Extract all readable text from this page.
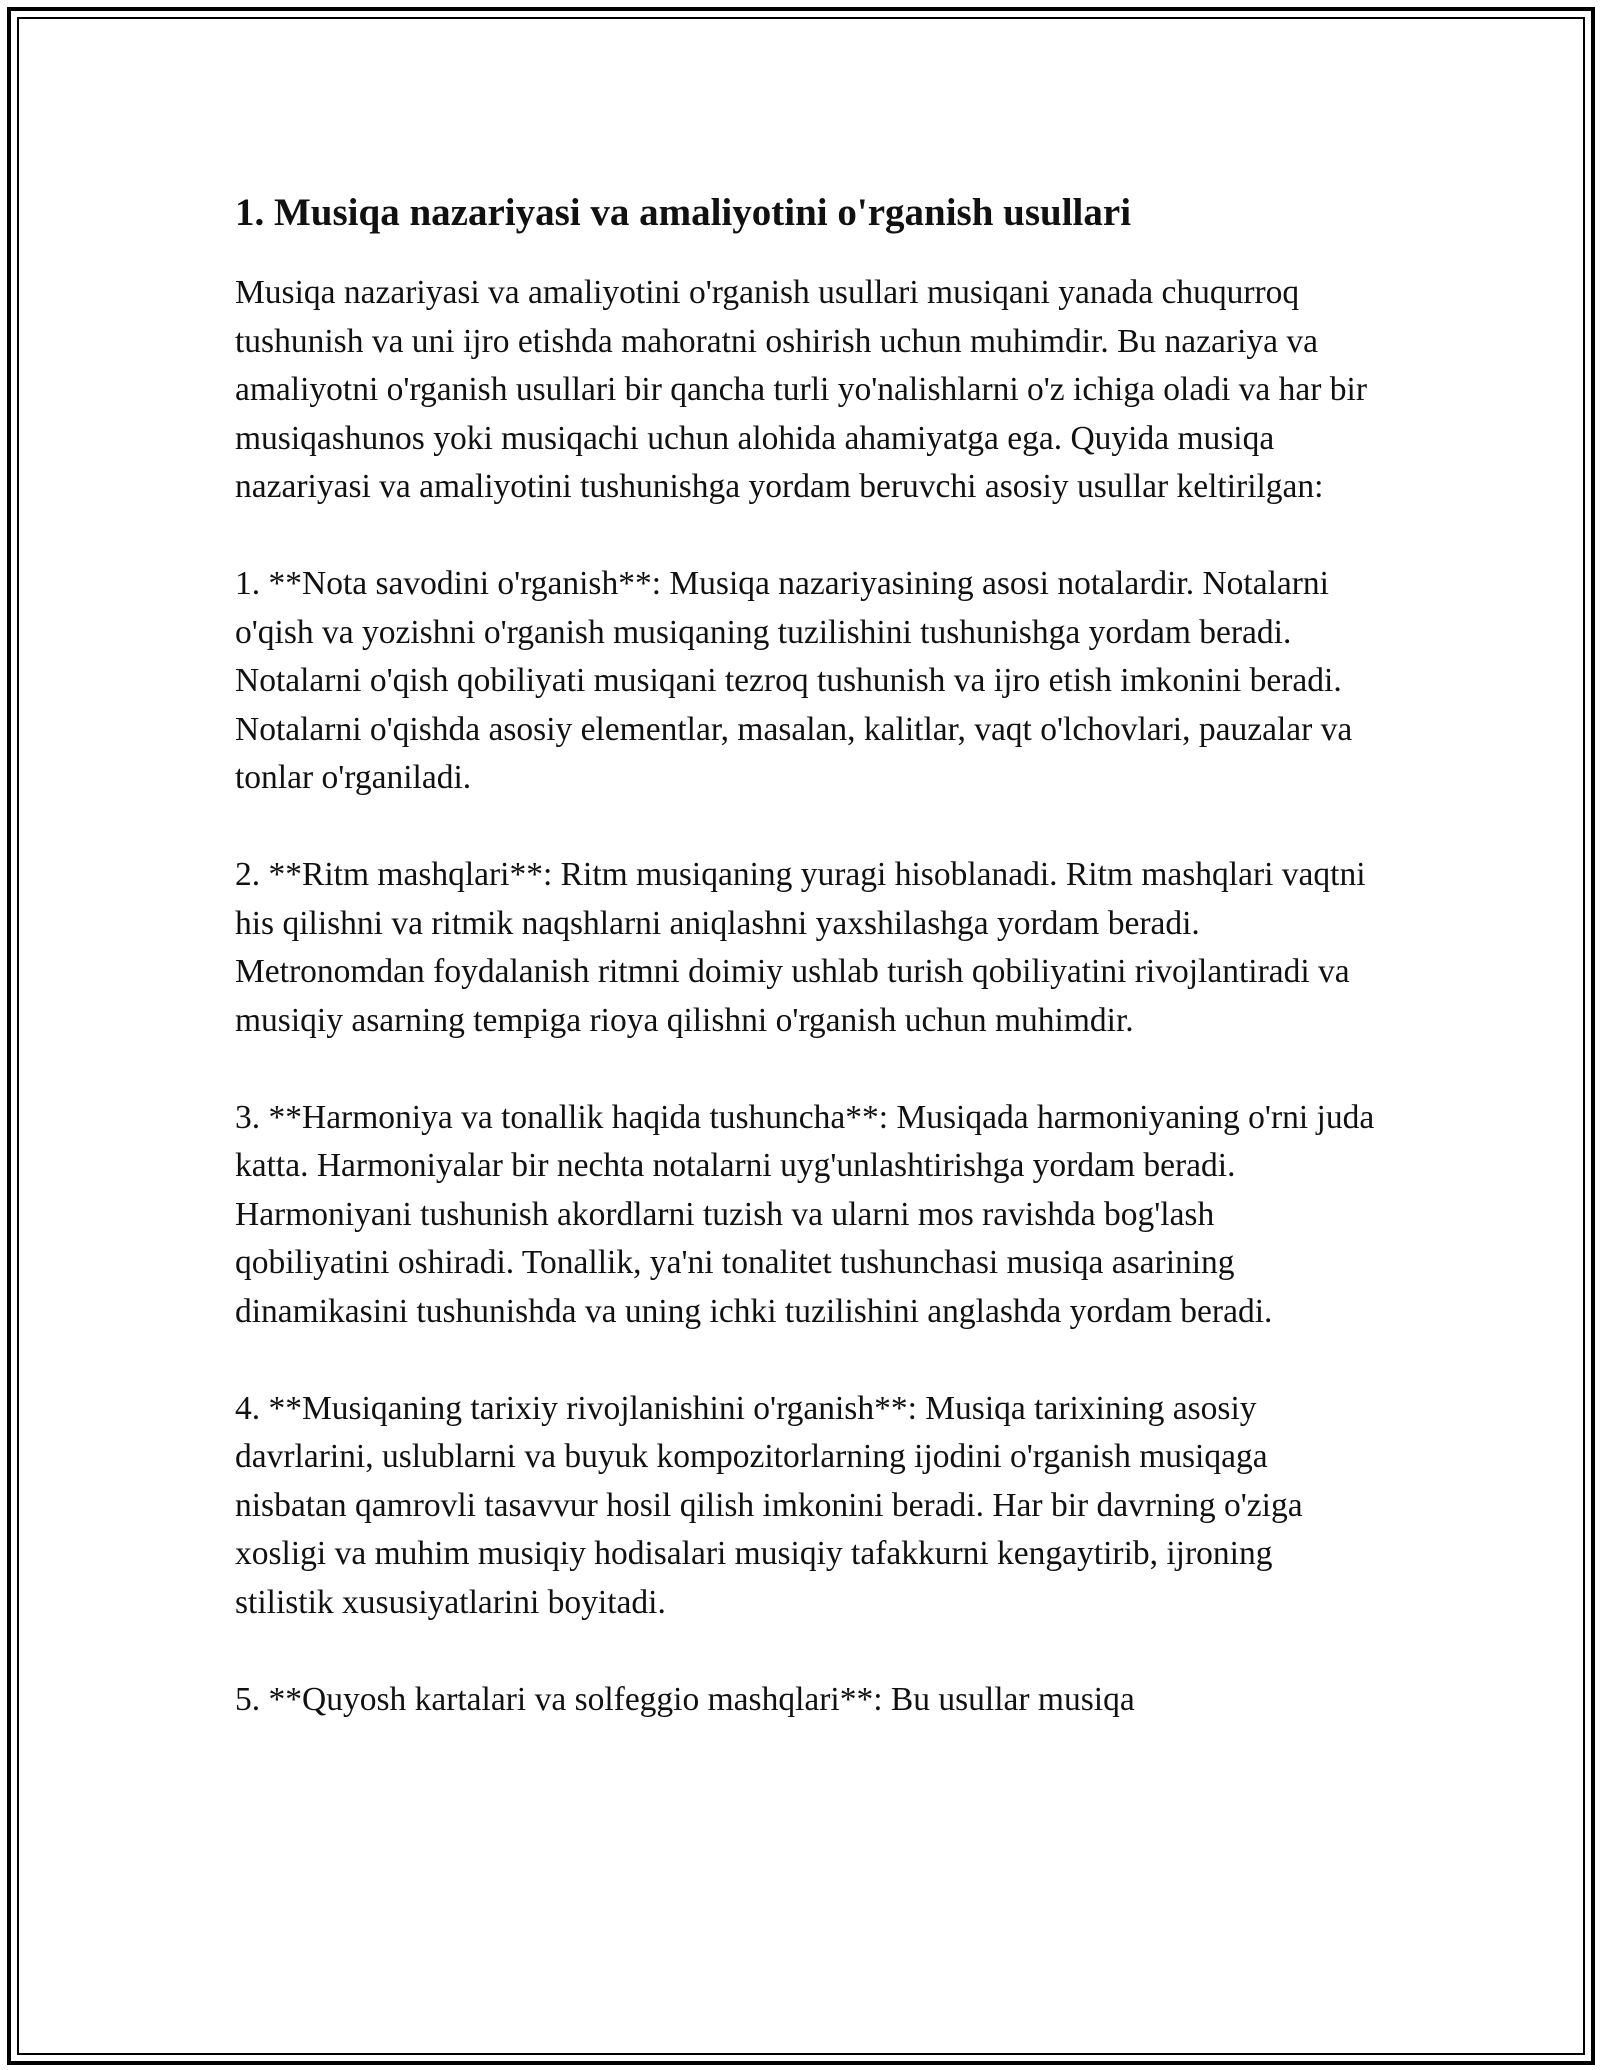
1. Musiqa nazariyasi va amaliyotini o'rganish usullari

Musiqa nazariyasi va amaliyotini o'rganish usullari musiqani yanada chuqurroq tushunish va uni ijro etishda mahoratni oshirish uchun muhimdir. Bu nazariya va amaliyotni o'rganish usullari bir qancha turli yo'nalishlarni o'z ichiga oladi va har bir musiqashunos yoki musiqachi uchun alohida ahamiyatga ega. Quyida musiqa nazariyasi va amaliyotini tushunishga yordam beruvchi asosiy usullar keltirilgan:

1. **Nota savodini o'rganish**: Musiqa nazariyasining asosi notalardir. Notalarni o'qish va yozishni o'rganish musiqaning tuzilishini tushunishga yordam beradi. Notalarni o'qish qobiliyati musiqani tezroq tushunish va ijro etish imkonini beradi. Notalarni o'qishda asosiy elementlar, masalan, kalitlar, vaqt o'lchovlari, pauzalar va tonlar o'rganiladi.

2. **Ritm mashqlari**: Ritm musiqaning yuragi hisoblanadi. Ritm mashqlari vaqtni his qilishni va ritmik naqshlarni aniqlashni yaxshilashga yordam beradi. Metronomdan foydalanish ritmni doimiy ushlab turish qobiliyatini rivojlantiradi va musiqiy asarning tempiga rioya qilishni o'rganish uchun muhimdir.

3. **Harmoniya va tonallik haqida tushuncha**: Musiqada harmoniyaning o'rni juda katta. Harmoniyalar bir nechta notalarni uyg'unlashtirishga yordam beradi. Harmoniyani tushunish akordlarni tuzish va ularni mos ravishda bog'lash qobiliyatini oshiradi. Tonallik, ya'ni tonalitet tushunchasi musiqa asarining dinamikasini tushunishda va uning ichki tuzilishini anglashda yordam beradi.

4. **Musiqaning tarixiy rivojlanishini o'rganish**: Musiqa tarixining asosiy davrlarini, uslublarni va buyuk kompozitorlarning ijodini o'rganish musiqaga nisbatan qamrovli tasavvur hosil qilish imkonini beradi. Har bir davrning o'ziga xosligi va muhim musiqiy hodisalari musiqiy tafakkurni kengaytirib, ijroning stilistik xususiyatlarini boyitadi.

5. **Quyosh kartalari va solfeggio mashqlari**: Bu usullar musiqa
